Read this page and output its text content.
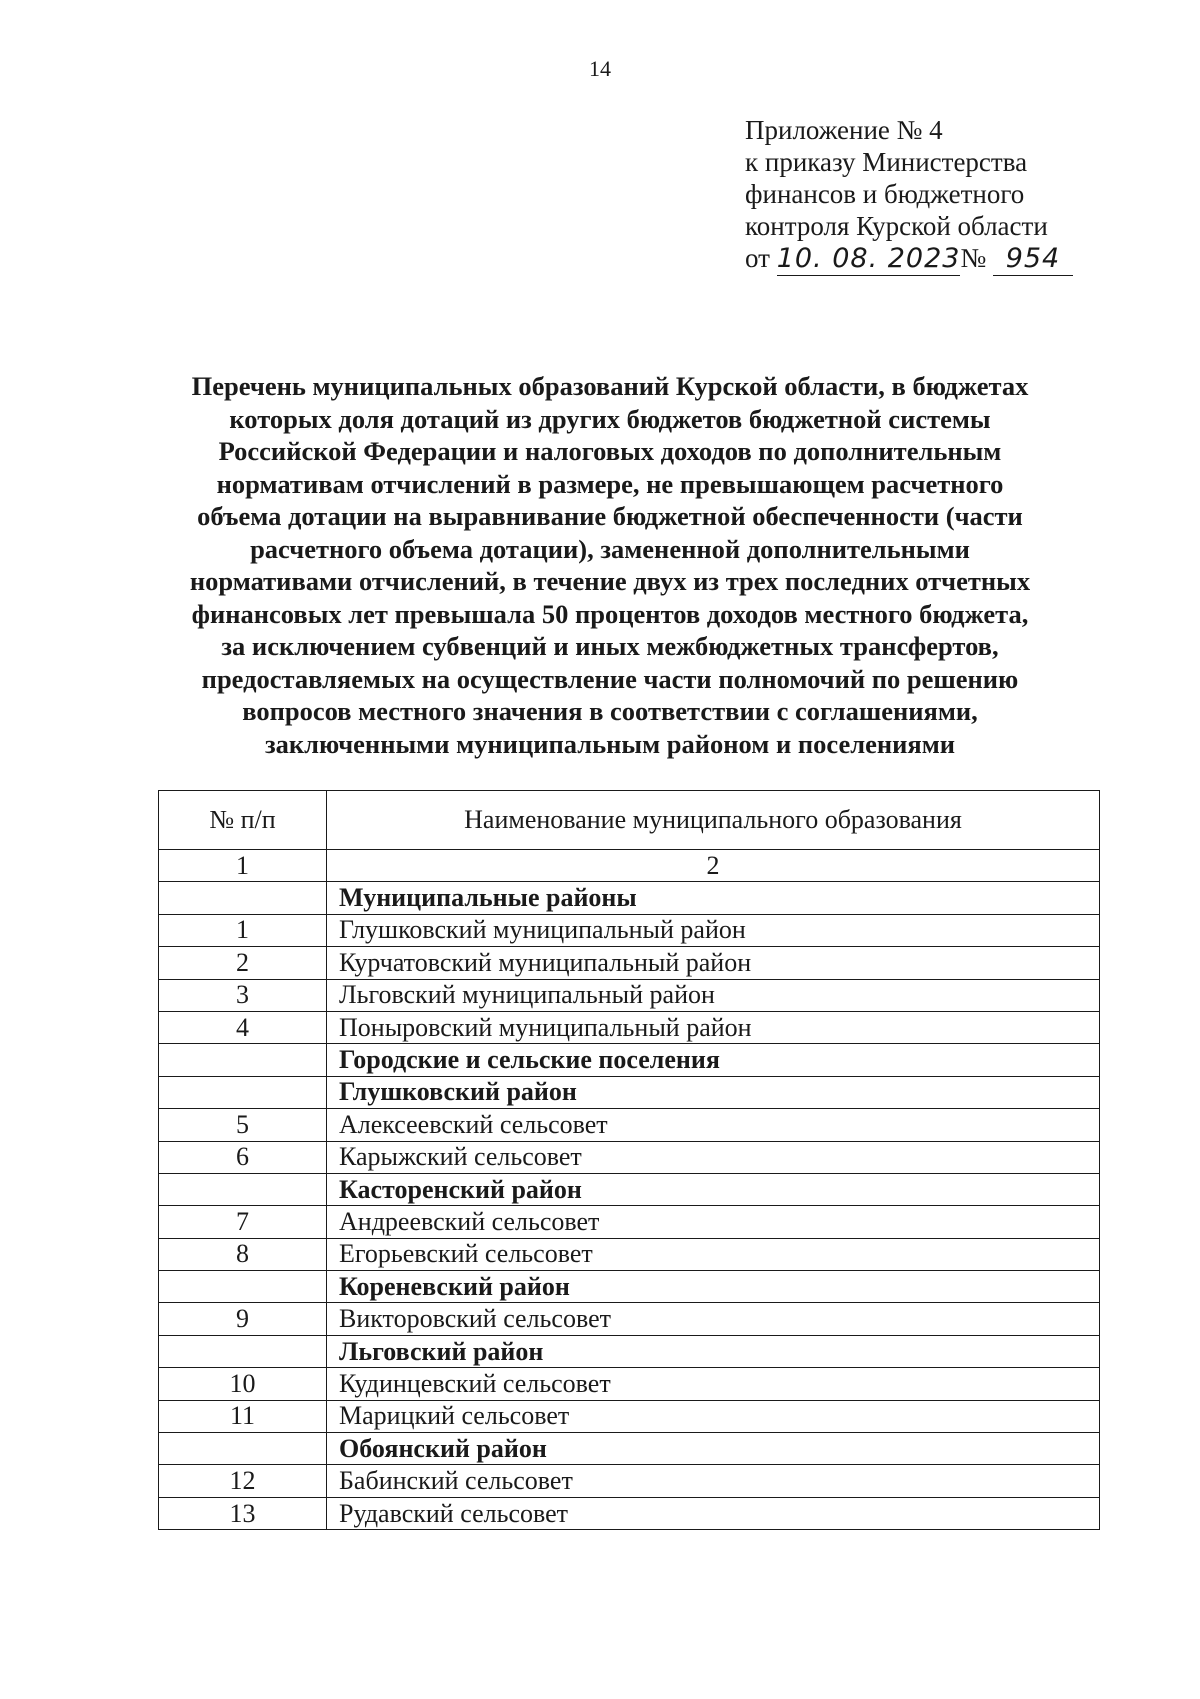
14
Приложение № 4
к приказу Министерства
финансов и бюджетного
контроля Курской области
от 10. 08. 2023№ 954
Перечень муниципальных образований Курской области, в бюджетах
которых доля дотаций из других бюджетов бюджетной системы
Российской Федерации и налоговых доходов по дополнительным
нормативам отчислений в размере, не превышающем расчетного
объема дотации на выравнивание бюджетной обеспеченности (части
расчетного объема дотации), замененной дополнительными
нормативами отчислений, в течение двух из трех последних отчетных
финансовых лет превышала 50 процентов доходов местного бюджета,
за исключением субвенций и иных межбюджетных трансфертов,
предоставляемых на осуществление части полномочий по решению
вопросов местного значения в соответствии с соглашениями,
заключенными муниципальным районом и поселениями
№ п/п	Наименование муниципального образования
1	2
	Муниципальные районы
1	Глушковский муниципальный район
2	Курчатовский муниципальный район
3	Льговский муниципальный район
4	Поныровский муниципальный район
	Городские и сельские поселения
	Глушковский район
5	Алексеевский сельсовет
6	Карыжский сельсовет
	Касторенский район
7	Андреевский сельсовет
8	Егорьевский сельсовет
	Кореневский район
9	Викторовский сельсовет
	Льговский район
10	Кудинцевский сельсовет
11	Марицкий сельсовет
	Обоянский район
12	Бабинский сельсовет
13	Рудавский сельсовет
